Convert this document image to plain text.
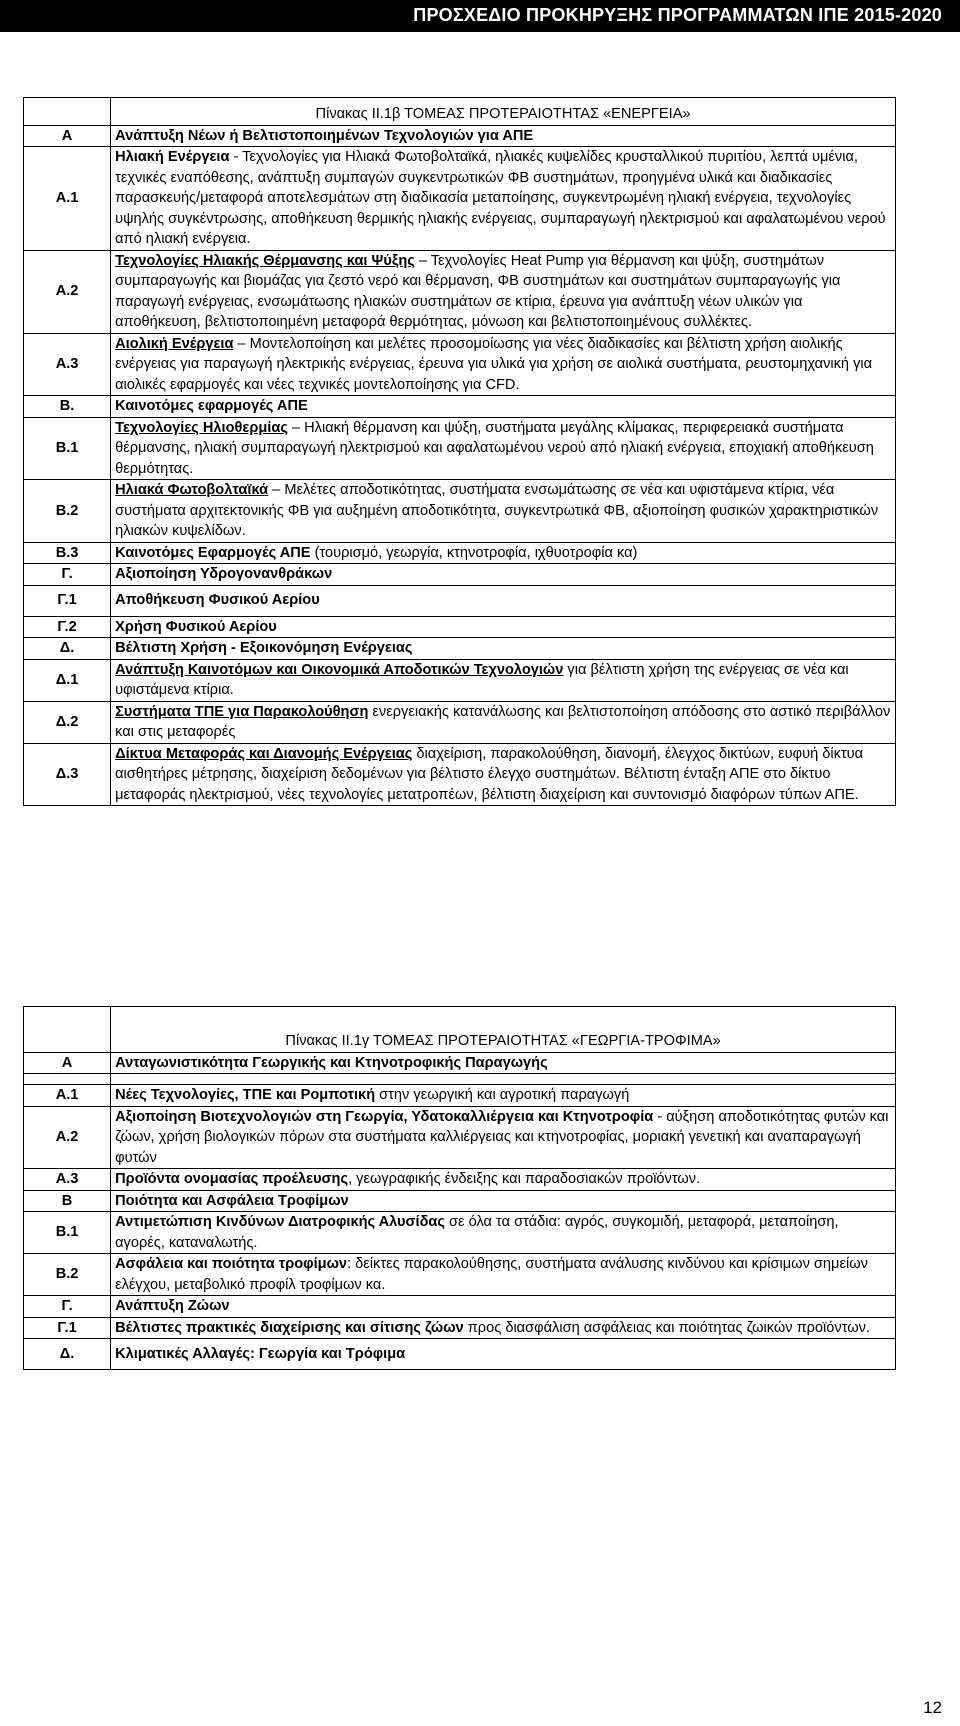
ΠΡΟΣΧΕΔΙΟ ΠΡΟΚΗΡΥΞΗΣ ΠΡΟΓΡΑΜΜΑΤΩΝ ΙΠΕ 2015-2020
	Πίνακας ΙΙ.1β ΤΟΜΕΑΣ ΠΡΟΤΕΡΑΙΟΤΗΤΑΣ «ΕΝΕΡΓΕΙΑ»
Α	Ανάπτυξη Νέων ή Βελτιστοποιημένων Τεχνολογιών για ΑΠΕ
Α.1	Ηλιακή Ενέργεια - Τεχνολογίες για Ηλιακά Φωτοβολταϊκά, ηλιακές κυψελίδες κρυσταλλικού πυριτίου, λεπτά υμένια, τεχνικές εναπόθεσης, ανάπτυξη συμπαγών συγκεντρωτικών ΦΒ συστημάτων, προηγμένα υλικά και διαδικασίες παρασκευής/μεταφορά αποτελεσμάτων στη διαδικασία μεταποίησης, συγκεντρωμένη ηλιακή ενέργεια, τεχνολογίες υψηλής συγκέντρωσης, αποθήκευση θερμικής ηλιακής ενέργειας, συμπαραγωγή ηλεκτρισμού και αφαλατωμένου νερού από ηλιακή ενέργεια.
Α.2	Τεχνολογίες Ηλιακής Θέρμανσης και Ψύξης – Τεχνολογίες Heat Pump για θέρμανση και ψύξη, συστημάτων συμπαραγωγής και βιομάζας για ζεστό νερό και θέρμανση, ΦΒ συστημάτων και συστημάτων συμπαραγωγής για παραγωγή ενέργειας, ενσωμάτωσης ηλιακών συστημάτων σε κτίρια, έρευνα για ανάπτυξη νέων υλικών για αποθήκευση, βελτιστοποιημένη μεταφορά θερμότητας, μόνωση και βελτιστοποιημένους συλλέκτες.
Α.3	Αιολική Ενέργεια – Μοντελοποίηση και μελέτες προσομοίωσης για νέες διαδικασίες και βέλτιστη χρήση αιολικής ενέργειας για παραγωγή ηλεκτρικής ενέργειας, έρευνα για υλικά για χρήση σε αιολικά συστήματα, ρευστομηχανική για αιολικές εφαρμογές και νέες τεχνικές μοντελοποίησης για CFD.
Β.	Καινοτόμες εφαρμογές ΑΠΕ
Β.1	Τεχνολογίες Ηλιοθερμίας – Ηλιακή θέρμανση και ψύξη, συστήματα μεγάλης κλίμακας, περιφερειακά συστήματα θέρμανσης, ηλιακή συμπαραγωγή ηλεκτρισμού και αφαλατωμένου νερού από ηλιακή ενέργεια, εποχιακή αποθήκευση θερμότητας.
Β.2	Ηλιακά Φωτοβολταϊκά – Μελέτες αποδοτικότητας, συστήματα ενσωμάτωσης σε νέα και υφιστάμενα κτίρια, νέα συστήματα αρχιτεκτονικής ΦΒ για αυξημένη αποδοτικότητα, συγκεντρωτικά ΦΒ, αξιοποίηση φυσικών χαρακτηριστικών ηλιακών κυψελίδων.
Β.3	Καινοτόμες Εφαρμογές ΑΠΕ (τουρισμό, γεωργία, κτηνοτροφία, ιχθυοτροφία κα)
Γ.	Αξιοποίηση Υδρογονανθράκων
Γ.1	Αποθήκευση Φυσικού Αερίου
Γ.2	Χρήση Φυσικού Αερίου
Δ.	Βέλτιστη Χρήση - Εξοικονόμηση Ενέργειας
Δ.1	Ανάπτυξη Καινοτόμων και Οικονομικά Αποδοτικών Τεχνολογιών για βέλτιστη χρήση της ενέργειας σε νέα και υφιστάμενα κτίρια.
Δ.2	Συστήματα ΤΠΕ για Παρακολούθηση ενεργειακής κατανάλωσης και βελτιστοποίηση απόδοσης στο αστικό περιβάλλον και στις μεταφορές
Δ.3	Δίκτυα Μεταφοράς και Διανομής Ενέργειας διαχείριση, παρακολούθηση, διανομή, έλεγχος δικτύων, ευφυή δίκτυα αισθητήρες μέτρησης, διαχείριση δεδομένων για βέλτιστο έλεγχο συστημάτων. Βέλτιστη ένταξη ΑΠΕ στο δίκτυο μεταφοράς ηλεκτρισμού, νέες τεχνολογίες μετατροπέων, βέλτιστη διαχείριση και συντονισμό διαφόρων τύπων ΑΠΕ.
	Πίνακας ΙΙ.1γ ΤΟΜΕΑΣ ΠΡΟΤΕΡΑΙΟΤΗΤΑΣ «ΓΕΩΡΓΙΑ-ΤΡΟΦΙΜΑ»
Α	Ανταγωνιστικότητα Γεωργικής και Κτηνοτροφικής Παραγωγής

Α.1	Νέες Τεχνολογίες, ΤΠΕ και Ρομποτική στην γεωργική και αγροτική παραγωγή
Α.2	Αξιοποίηση Βιοτεχνολογιών στη Γεωργία, Υδατοκαλλιέργεια και Κτηνοτροφία - αύξηση αποδοτικότητας φυτών και ζώων, χρήση βιολογικών πόρων στα συστήματα καλλιέργειας και κτηνοτροφίας, μοριακή γενετική και αναπαραγωγή φυτών
Α.3	Προϊόντα ονομασίας προέλευσης, γεωγραφικής ένδειξης και παραδοσιακών προϊόντων.
Β	Ποιότητα και Ασφάλεια Τροφίμων
Β.1	Αντιμετώπιση Κινδύνων Διατροφικής Αλυσίδας σε όλα τα στάδια: αγρός, συγκομιδή, μεταφορά, μεταποίηση, αγορές, καταναλωτής.
Β.2	Ασφάλεια και ποιότητα τροφίμων: δείκτες παρακολούθησης, συστήματα ανάλυσης κινδύνου και κρίσιμων σημείων ελέγχου, μεταβολικό προφίλ τροφίμων κα.
Γ.	Ανάπτυξη Ζώων
Γ.1	Βέλτιστες πρακτικές διαχείρισης και σίτισης ζώων προς διασφάλιση ασφάλειας και ποιότητας ζωικών προϊόντων.
Δ.	Κλιματικές Αλλαγές: Γεωργία και Τρόφιμα
12
